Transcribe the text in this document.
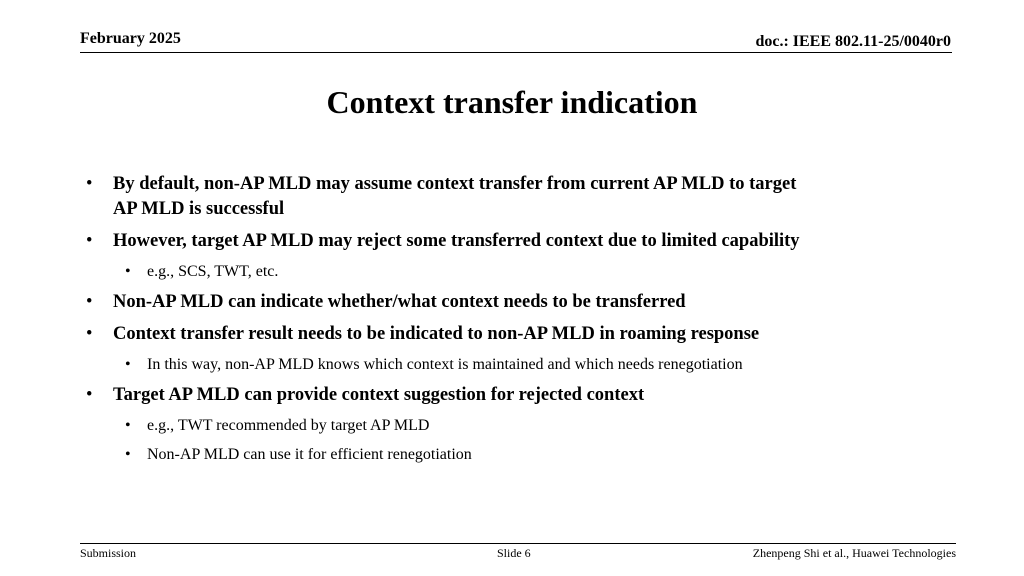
February 2025	doc.: IEEE 802.11-25/0040r0
Context transfer indication
• By default, non-AP MLD may assume context transfer from current AP MLD to target
AP MLD is successful
• However, target AP MLD may reject some transferred context due to limited capability
• e.g., SCS, TWT, etc.
• Non-AP MLD can indicate whether/what context needs to be transferred
• Context transfer result needs to be indicated to non-AP MLD in roaming response
• In this way, non-AP MLD knows which context is maintained and which needs renegotiation
• Target AP MLD can provide context suggestion for rejected context
• e.g., TWT recommended by target AP MLD
• Non-AP MLD can use it for efficient renegotiation
Submission	Slide 6	Zhenpeng Shi et al., Huawei Technologies
